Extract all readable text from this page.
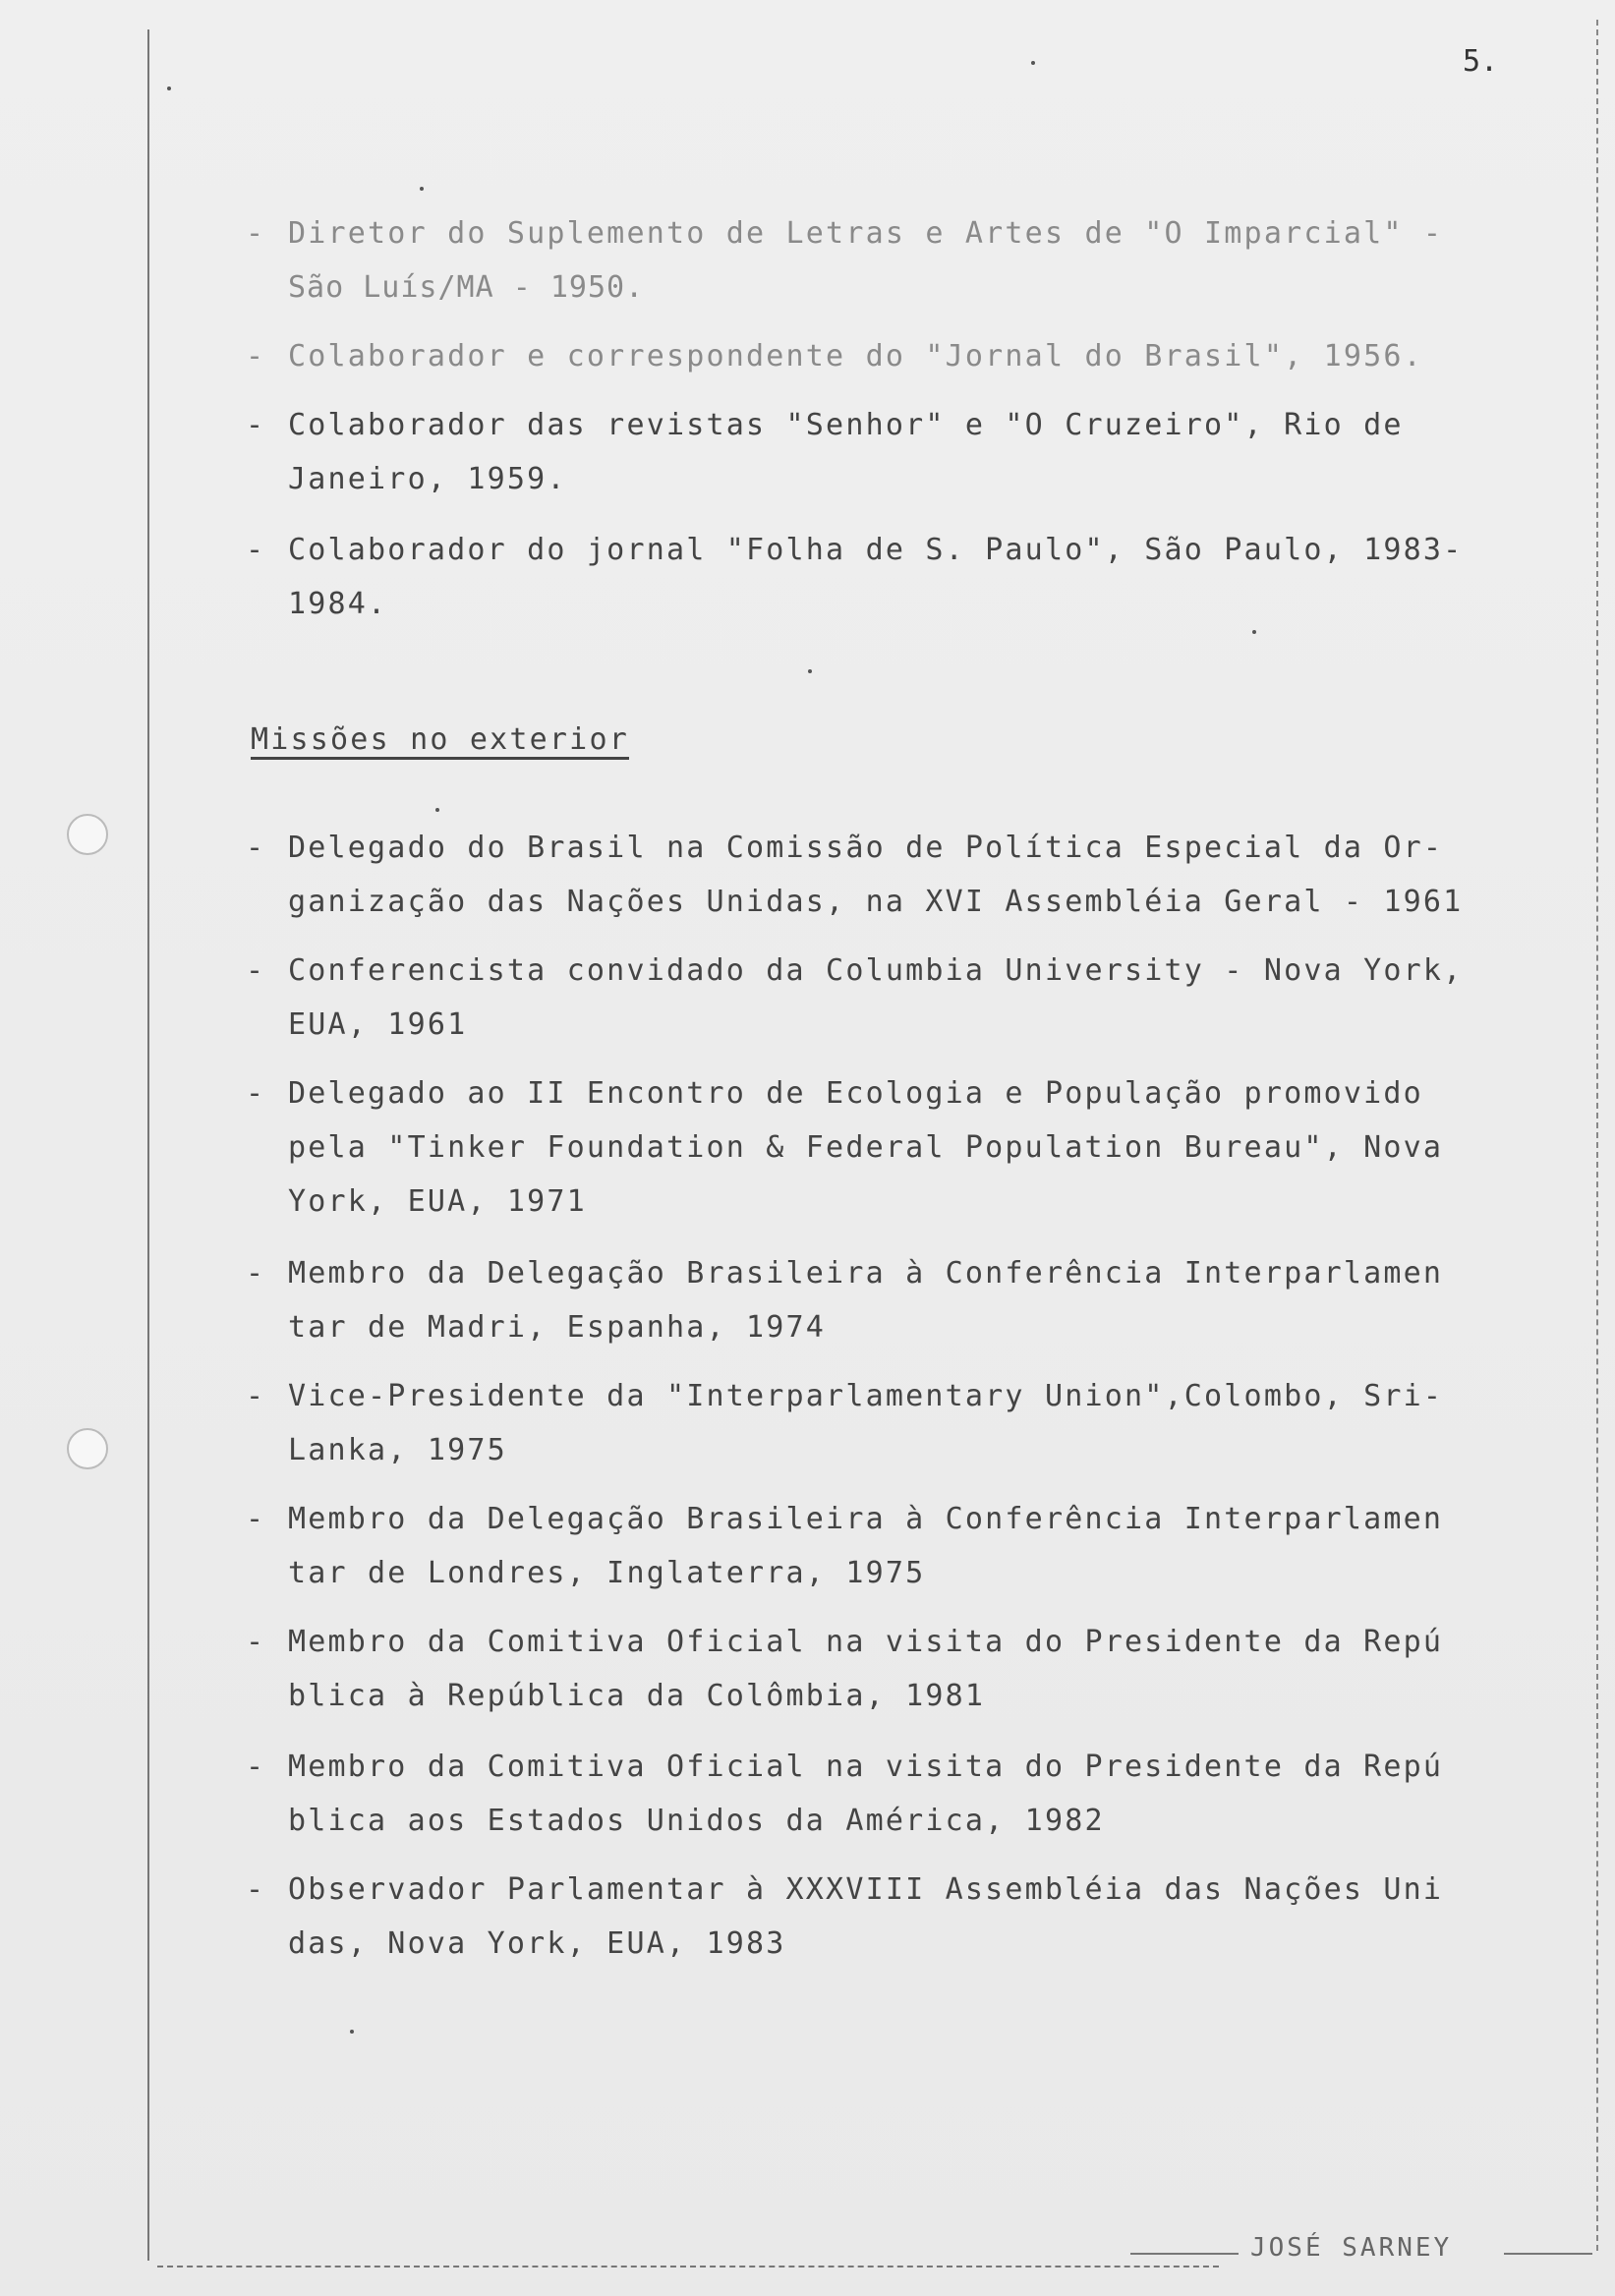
5.
- Diretor do Suplemento de Letras e Artes de "O Imparcial" -
São Luís/MA - 1950.
- Colaborador e correspondente do "Jornal do Brasil", 1956.
- Colaborador das revistas "Senhor" e "O Cruzeiro", Rio de
Janeiro, 1959.
- Colaborador do jornal "Folha de S. Paulo", São Paulo, 1983-
1984.
Missões no exterior
- Delegado do Brasil na Comissão de Política Especial da Or-
ganização das Nações Unidas, na XVI Assembléia Geral - 1961
- Conferencista convidado da Columbia University - Nova York,
EUA, 1961
- Delegado ao II Encontro de Ecologia e População promovido
pela "Tinker Foundation & Federal Population Bureau", Nova
York, EUA, 1971
- Membro da Delegação Brasileira à Conferência Interparlamen
tar de Madri, Espanha, 1974
- Vice-Presidente da "Interparlamentary Union",Colombo, Sri-
Lanka, 1975
- Membro da Delegação Brasileira à Conferência Interparlamen
tar de Londres, Inglaterra, 1975
- Membro da Comitiva Oficial na visita do Presidente da Repú
blica à República da Colômbia, 1981
- Membro da Comitiva Oficial na visita do Presidente da Repú
blica aos Estados Unidos da América, 1982
- Observador Parlamentar à XXXVIII Assembléia das Nações Uni
das, Nova York, EUA, 1983
JOSÉ SARNEY
